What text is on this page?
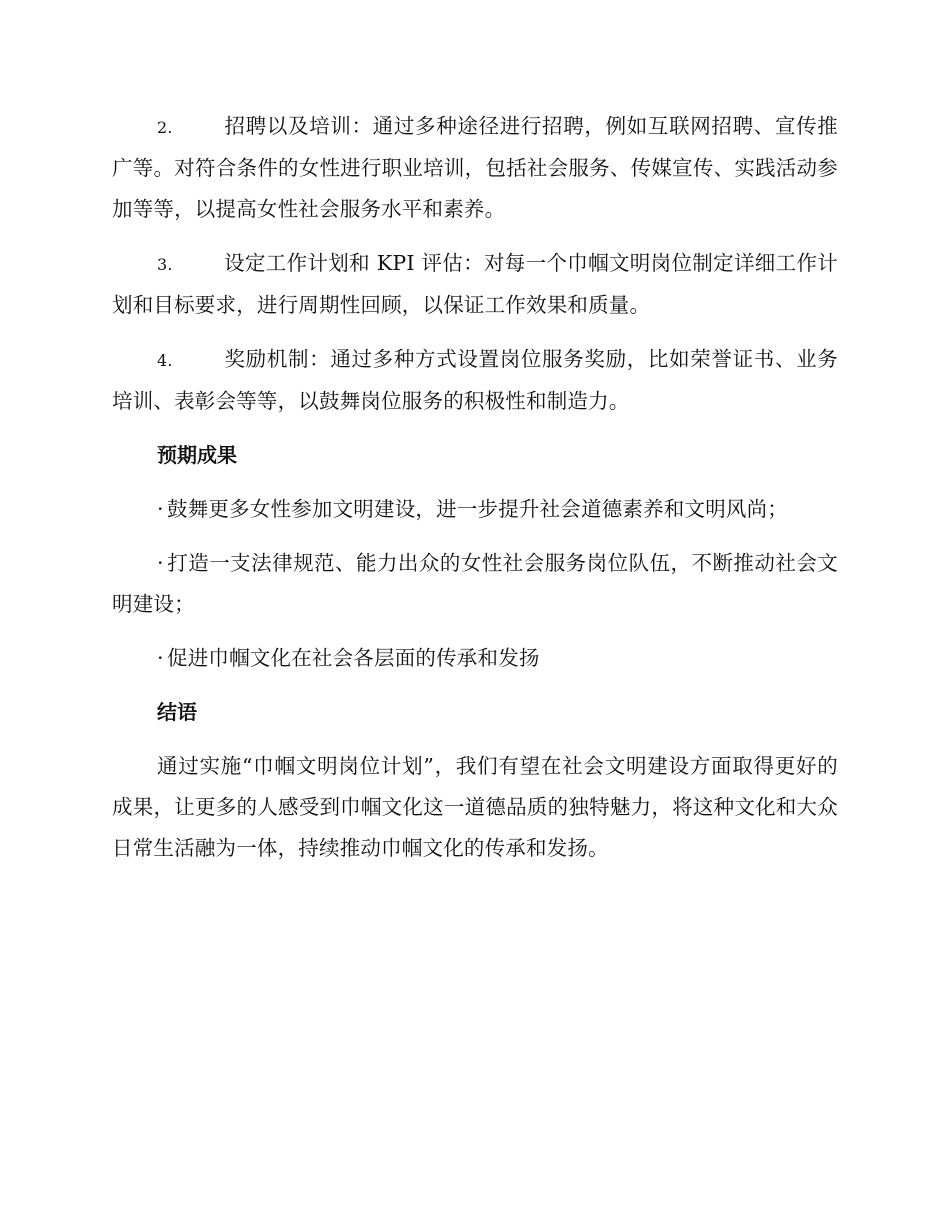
2.	招聘以及培训：通过多种途径进行招聘，例如互联网招聘、宣传推广等。对符合条件的女性进行职业培训，包括社会服务、传媒宣传、实践活动参加等等，以提高女性社会服务水平和素养。

3.	设定工作计划和 KPI 评估：对每一个巾帼文明岗位制定详细工作计划和目标要求，进行周期性回顾，以保证工作效果和质量。

4.	奖励机制：通过多种方式设置岗位服务奖励，比如荣誉证书、业务培训、表彰会等等，以鼓舞岗位服务的积极性和制造力。

预期成果

· 鼓舞更多女性参加文明建设，进一步提升社会道德素养和文明风尚；

· 打造一支法律规范、能力出众的女性社会服务岗位队伍，不断推动社会文明建设；

· 促进巾帼文化在社会各层面的传承和发扬

结语

通过实施“巾帼文明岗位计划”，我们有望在社会文明建设方面取得更好的成果，让更多的人感受到巾帼文化这一道德品质的独特魅力，将这种文化和大众日常生活融为一体，持续推动巾帼文化的传承和发扬。
